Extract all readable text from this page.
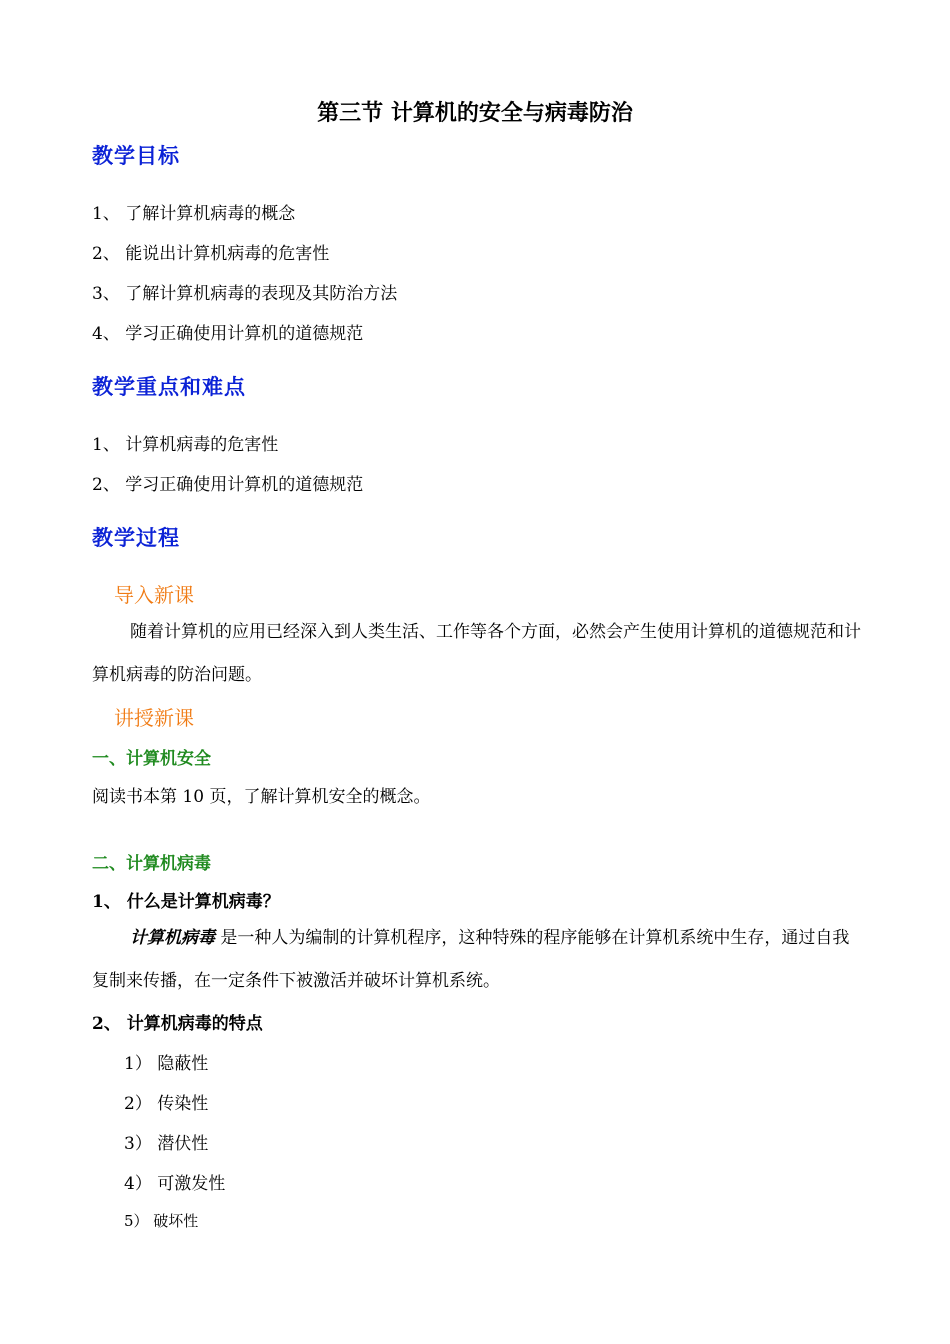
第三节 计算机的安全与病毒防治
教学目标
1、 了解计算机病毒的概念
2、 能说出计算机病毒的危害性
3、 了解计算机病毒的表现及其防治方法
4、 学习正确使用计算机的道德规范
教学重点和难点
1、 计算机病毒的危害性
2、 学习正确使用计算机的道德规范
教学过程
导入新课
随着计算机的应用已经深入到人类生活、工作等各个方面，必然会产生使用计算机的道德规范和计算机病毒的防治问题。
讲授新课
一、计算机安全
阅读书本第 10 页，了解计算机安全的概念。
二、计算机病毒
1、 什么是计算机病毒？
计算机病毒 是一种人为编制的计算机程序，这种特殊的程序能够在计算机系统中生存，通过自我复制来传播，在一定条件下被激活并破坏计算机系统。
2、 计算机病毒的特点
1） 隐蔽性
2） 传染性
3） 潜伏性
4） 可激发性
5） 破坏性
